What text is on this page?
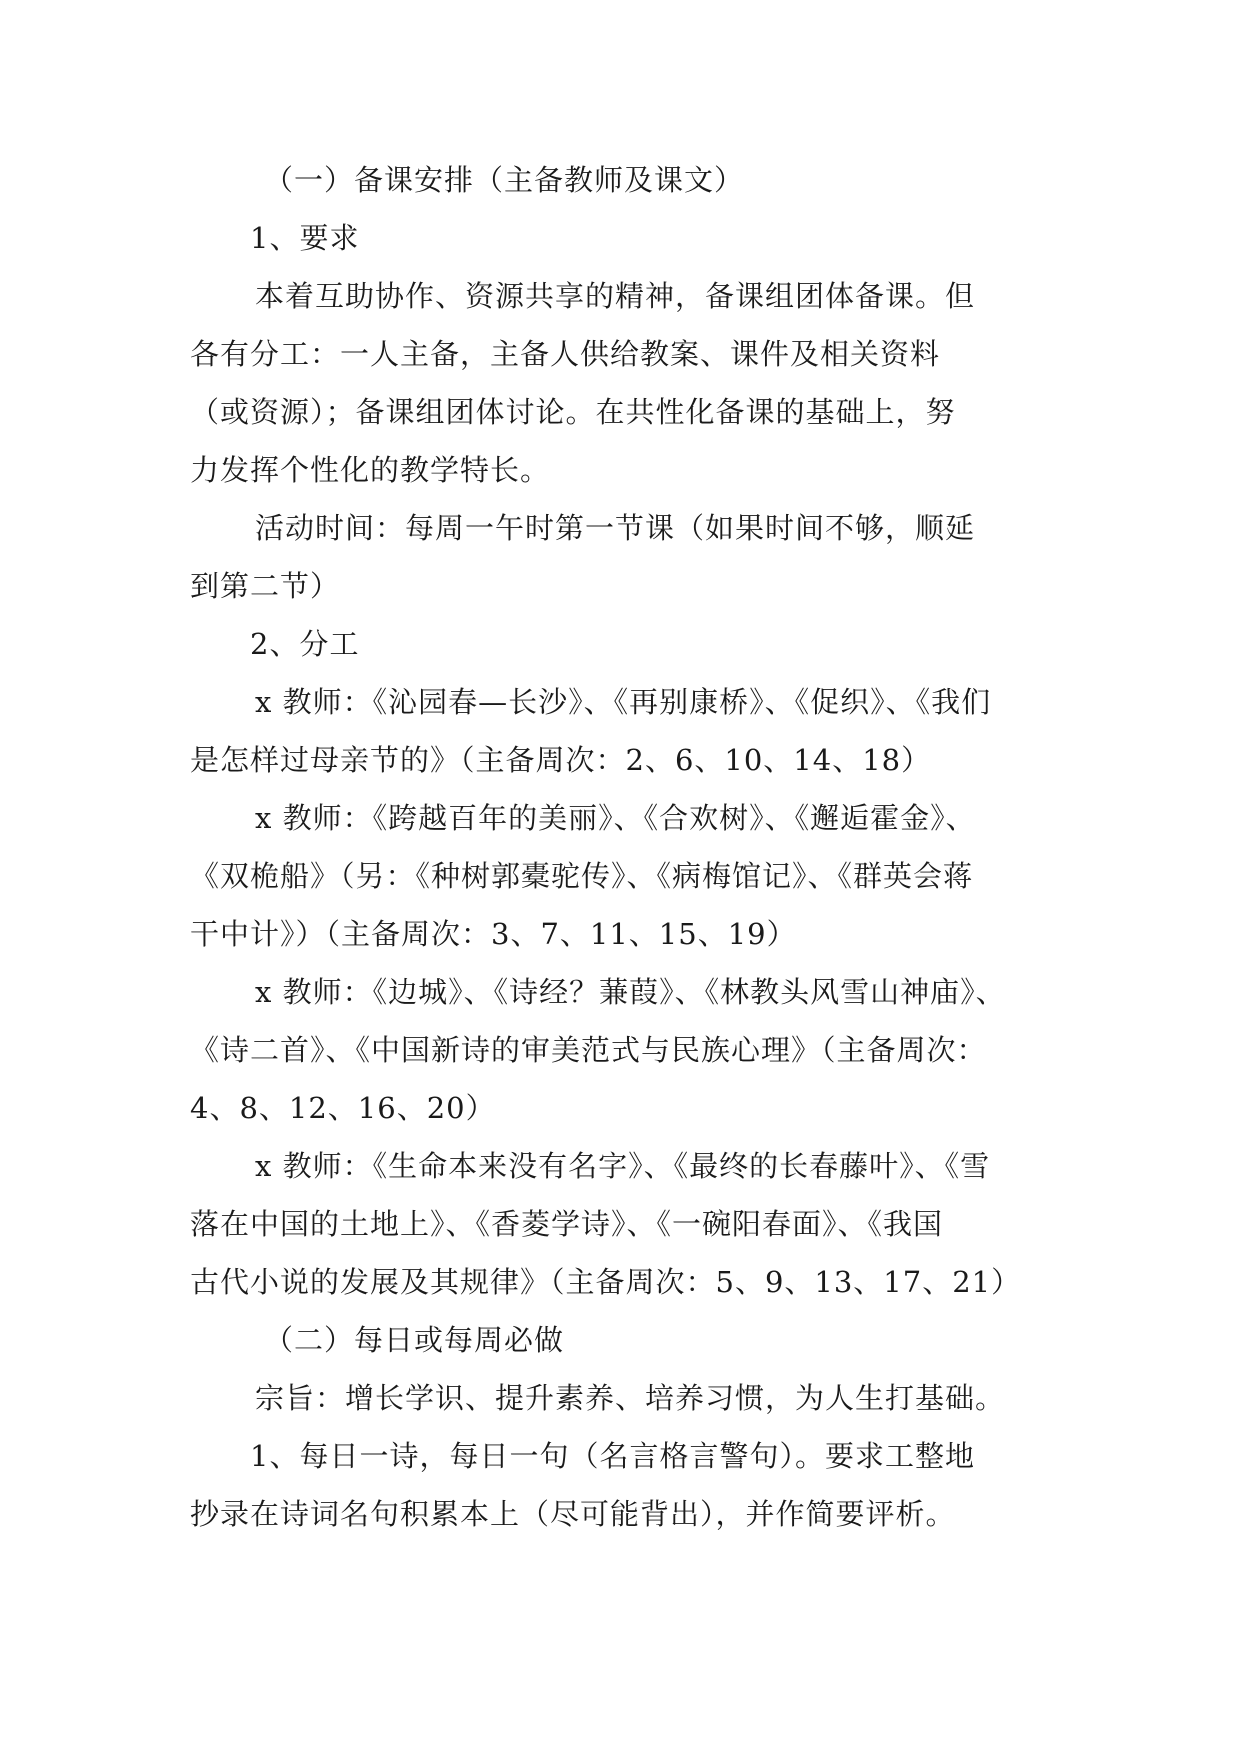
（一）备课安排（主备教师及课文）
1、要求
本着互助协作、资源共享的精神，备课组团体备课。但
各有分工：一人主备，主备人供给教案、课件及相关资料
（或资源）；备课组团体讨论。在共性化备课的基础上，努
力发挥个性化的教学特长。
活动时间：每周一午时第一节课（如果时间不够，顺延
到第二节）
2、分工
x 教师：《沁园春—长沙》、《再别康桥》、《促织》、《我们
是怎样过母亲节的》（主备周次：2、6、10、14、18）
x 教师：《跨越百年的美丽》、《合欢树》、《邂逅霍金》、
《双桅船》（另：《种树郭橐驼传》、《病梅馆记》、《群英会蒋
干中计》）（主备周次：3、7、11、15、19）
x 教师：《边城》、《诗经？蒹葭》、《林教头风雪山神庙》、
《诗二首》、《中国新诗的审美范式与民族心理》（主备周次：
4、8、12、16、20）
x 教师：《生命本来没有名字》、《最终的长春藤叶》、《雪
落在中国的土地上》、《香菱学诗》、《一碗阳春面》、《我国
古代小说的发展及其规律》（主备周次：5、9、13、17、21）
（二）每日或每周必做
宗旨：增长学识、提升素养、培养习惯，为人生打基础。
1、每日一诗，每日一句（名言格言警句）。要求工整地
抄录在诗词名句积累本上（尽可能背出），并作简要评析。
